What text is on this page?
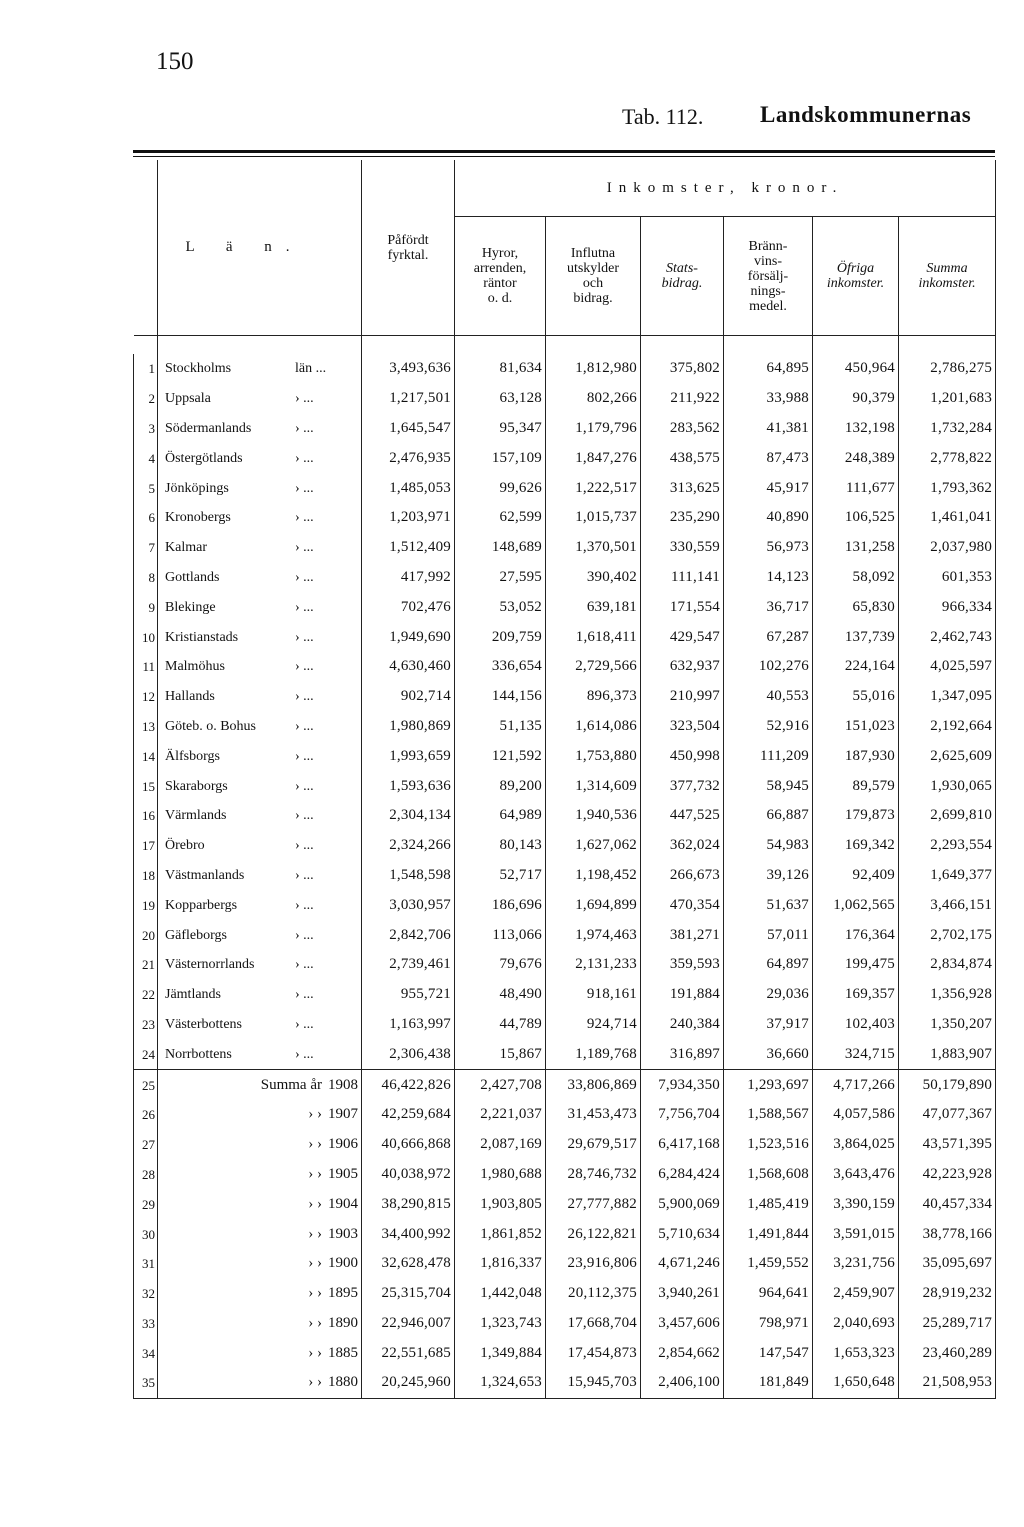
150
Tab. 112. Landskommunernas
	L ä n.	Påfördt
fyrktal.	Inkomster, kronor.					
			Hyror,
arrenden,
räntor
o. d.	Influtna
utskylder
och
bidrag.	Stats-
bidrag.	Bränn-
vins-
försälj-
nings-
medel.	Öfriga
inkomster.	Summa
inkomster.

1	Stockholms län ...	3,493,636	81,634	1,812,980	375,802	64,895	450,964	2,786,275
2	Uppsala › ...	1,217,501	63,128	802,266	211,922	33,988	90,379	1,201,683
3	Södermanlands › ...	1,645,547	95,347	1,179,796	283,562	41,381	132,198	1,732,284
4	Östergötlands › ...	2,476,935	157,109	1,847,276	438,575	87,473	248,389	2,778,822
5	Jönköpings › ...	1,485,053	99,626	1,222,517	313,625	45,917	111,677	1,793,362
6	Kronobergs › ...	1,203,971	62,599	1,015,737	235,290	40,890	106,525	1,461,041
7	Kalmar › ...	1,512,409	148,689	1,370,501	330,559	56,973	131,258	2,037,980
8	Gottlands › ...	417,992	27,595	390,402	111,141	14,123	58,092	601,353
9	Blekinge › ...	702,476	53,052	639,181	171,554	36,717	65,830	966,334
10	Kristianstads › ...	1,949,690	209,759	1,618,411	429,547	67,287	137,739	2,462,743
11	Malmöhus › ...	4,630,460	336,654	2,729,566	632,937	102,276	224,164	4,025,597
12	Hallands › ...	902,714	144,156	896,373	210,997	40,553	55,016	1,347,095
13	Göteb. o. Bohus › ...	1,980,869	51,135	1,614,086	323,504	52,916	151,023	2,192,664
14	Älfsborgs › ...	1,993,659	121,592	1,753,880	450,998	111,209	187,930	2,625,609
15	Skaraborgs › ...	1,593,636	89,200	1,314,609	377,732	58,945	89,579	1,930,065
16	Värmlands › ...	2,304,134	64,989	1,940,536	447,525	66,887	179,873	2,699,810
17	Örebro › ...	2,324,266	80,143	1,627,062	362,024	54,983	169,342	2,293,554
18	Västmanlands › ...	1,548,598	52,717	1,198,452	266,673	39,126	92,409	1,649,377
19	Kopparbergs › ...	3,030,957	186,696	1,694,899	470,354	51,637	1,062,565	3,466,151
20	Gäfleborgs › ...	2,842,706	113,066	1,974,463	381,271	57,011	176,364	2,702,175
21	Västernorrlands › ...	2,739,461	79,676	2,131,233	359,593	64,897	199,475	2,834,874
22	Jämtlands › ...	955,721	48,490	918,161	191,884	29,036	169,357	1,356,928
23	Västerbottens › ...	1,163,997	44,789	924,714	240,384	37,917	102,403	1,350,207
24	Norrbottens › ...	2,306,438	15,867	1,189,768	316,897	36,660	324,715	1,883,907
25	Summa år 1908	46,422,826	2,427,708	33,806,869	7,934,350	1,293,697	4,717,266	50,179,890
26	› › 1907	42,259,684	2,221,037	31,453,473	7,756,704	1,588,567	4,057,586	47,077,367
27	› › 1906	40,666,868	2,087,169	29,679,517	6,417,168	1,523,516	3,864,025	43,571,395
28	› › 1905	40,038,972	1,980,688	28,746,732	6,284,424	1,568,608	3,643,476	42,223,928
29	› › 1904	38,290,815	1,903,805	27,777,882	5,900,069	1,485,419	3,390,159	40,457,334
30	› › 1903	34,400,992	1,861,852	26,122,821	5,710,634	1,491,844	3,591,015	38,778,166
31	› › 1900	32,628,478	1,816,337	23,916,806	4,671,246	1,459,552	3,231,756	35,095,697
32	› › 1895	25,315,704	1,442,048	20,112,375	3,940,261	964,641	2,459,907	28,919,232
33	› › 1890	22,946,007	1,323,743	17,668,704	3,457,606	798,971	2,040,693	25,289,717
34	› › 1885	22,551,685	1,349,884	17,454,873	2,854,662	147,547	1,653,323	23,460,289
35	› › 1880	20,245,960	1,324,653	15,945,703	2,406,100	181,849	1,650,648	21,508,953
